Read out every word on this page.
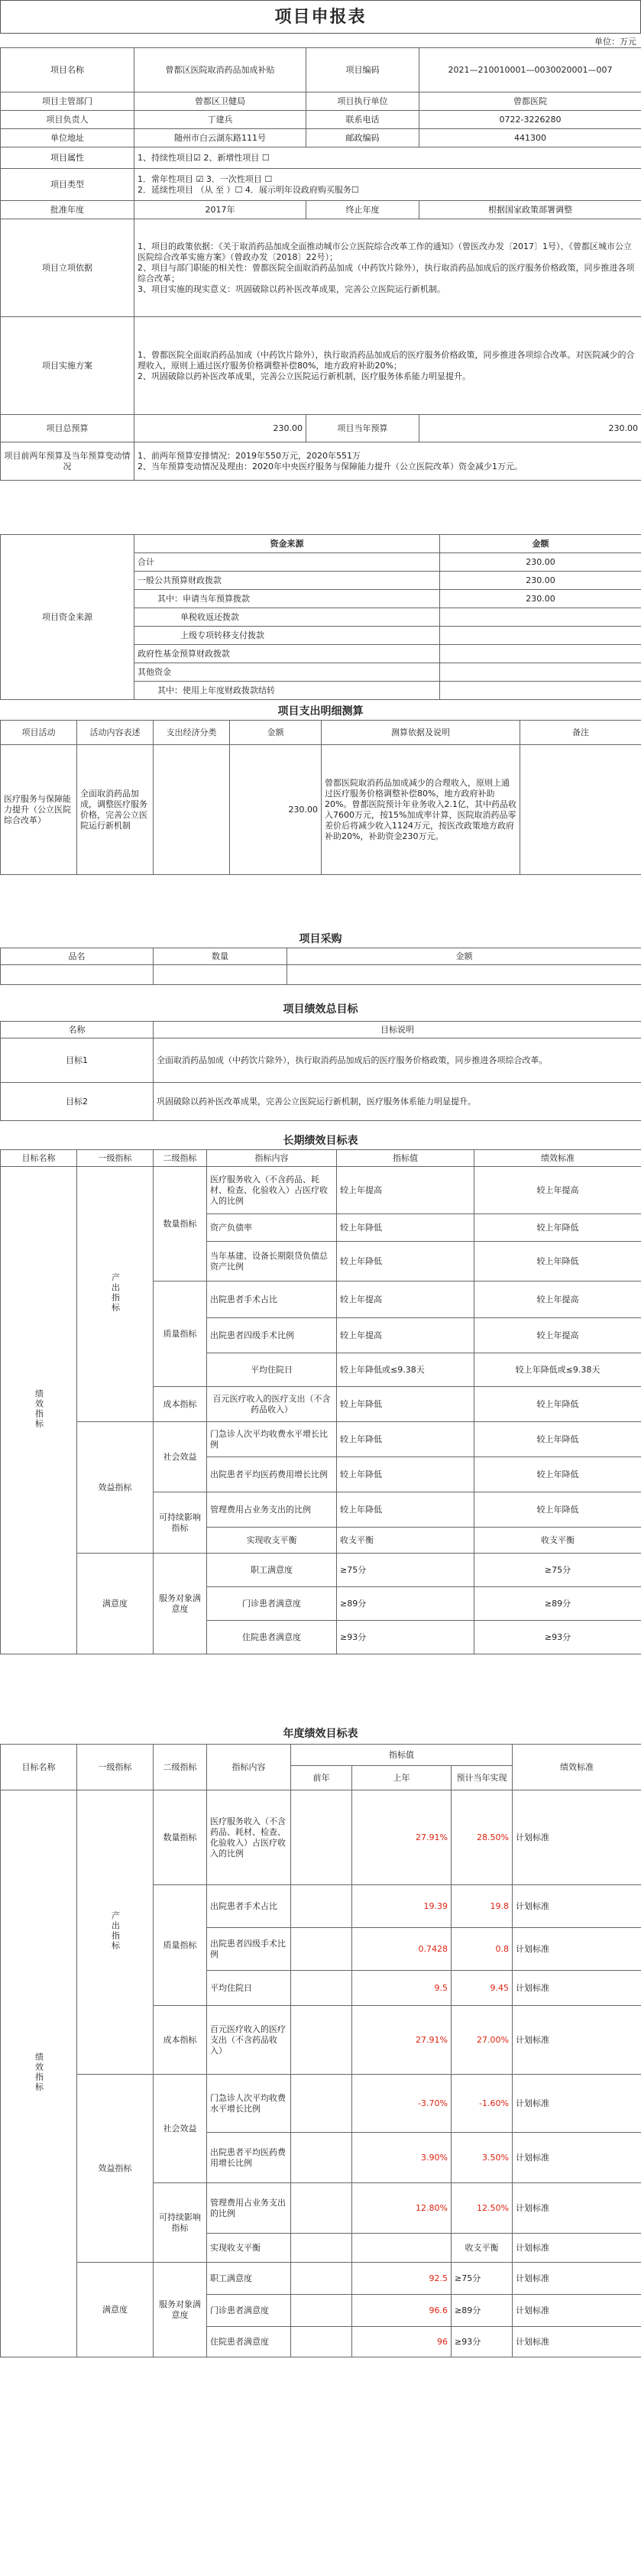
项目申报表
单位：万元
项目名称	曾都区医院取消药品加成补贴	项目编码	2021—210010001—0030020001—007
项目主管部门	曾都区卫健局	项目执行单位	曾都医院
项目负责人	丁建兵	联系电话	0722-3226280
单位地址	随州市白云湖东路111号	邮政编码	441300
项目属性	1、持续性项目☑ 2、新增性项目 ☐		
项目类型	1．常年性项目 ☑ 3．一次性项目 ☐
2．延续性项目 （从 至 ）☐ 4．展示明年设政府购买服务☐		

批准年度	2017年	终止年度	根据国家政策部署调整
项目立项依据	1、项目的政策依据：《关于取消药品加成全面推动城市公立医院综合改革工作的通知》（曾医改办发〔2017〕1号）、《曾都区城市公立医院综合改革实施方案》（曾政办发〔2018〕22号）；
2、项目与部门职能的相关性：曾都医院全面取消药品加成（中药饮片除外），执行取消药品加成后的医疗服务价格政策，同步推进各项综合改革；
3、项目实施的现实意义：巩固破除以药补医改革成果，完善公立医院运行新机制。		
项目实施方案	1、曾都医院全面取消药品加成（中药饮片除外），执行取消药品加成后的医疗服务价格政策，同步推进各项综合改革。对医院减少的合理收入，原则上通过医疗服务价格调整补偿80%，地方政府补助20%；
2、巩固破除以药补医改革成果，完善公立医院运行新机制，医疗服务体系能力明显提升。		
项目总预算	230.00	项目当年预算	230.00
项目前两年预算及当年预算变动情况	1、前两年预算安排情况：2019年550万元，2020年551万
2、当年预算变动情况及理由：2020年中央医疗服务与保障能力提升（公立医院改革）资金减少1万元。		
项目资金来源	资金来源	金额
	合计	230.00
	一般公共预算财政拨款	230.00
	其中：申请当年预算拨款	230.00
	单税收返还拨款	
	上级专项转移支付拨款	
	政府性基金预算财政拨款	
	其他资金	
	其中：使用上年度财政拨款结转	
项目支出明细测算
项目活动	活动内容表述	支出经济分类	金额	测算依据及说明	备注
医疗服务与保障能力提升（公立医院综合改革）	全面取消药品加成，调整医疗服务价格，完善公立医院运行新机制		230.00	曾都医院取消药品加成减少的合理收入，原则上通过医疗服务价格调整补偿80%，地方政府补助20%。曾都医院预计年业务收入2.1亿，其中药品收入7600万元，按15%加成率计算，医院取消药品零差价后将减少收入1124万元，按医改政策地方政府补助20%，补助资金230万元。	
项目采购
品名	数量	金额

项目绩效总目标
名称	目标说明
目标1	全面取消药品加成（中药饮片除外），执行取消药品加成后的医疗服务价格政策，同步推进各项综合改革。
目标2	巩固破除以药补医改革成果，完善公立医院运行新机制，医疗服务体系能力明显提升。
长期绩效目标表
目标名称	一级指标	二级指标	指标内容	指标值	绩效标准
绩效指标	产出指标	数量指标	医疗服务收入（不含药品、耗材、检查、化验收入）占医疗收入的比例	较上年提高	较上年提高
			资产负债率	较上年降低	较上年降低
			当年基建、设备长期限贷负债总资产比例	较上年降低	较上年降低
		质量指标	出院患者手术占比	较上年提高	较上年提高
			出院患者四级手术比例	较上年提高	较上年提高
			平均住院日	较上年降低或≤9.38天	较上年降低或≤9.38天
		成本指标	百元医疗收入的医疗支出（不含药品收入）	较上年降低	较上年降低
	效益指标	社会效益	门急诊人次平均收费水平增长比例	较上年降低	较上年降低
			出院患者平均医药费用增长比例	较上年降低	较上年降低
		可持续影响指标	管理费用占业务支出的比例	较上年降低	较上年降低
			实现收支平衡	收支平衡	收支平衡
	满意度	服务对象满意度	职工满意度	≥75分	≥75分
			门诊患者满意度	≥89分	≥89分
			住院患者满意度	≥93分	≥93分
年度绩效目标表
目标名称	一级指标	二级指标	指标内容	指标值			绩效标准
				前年	上年	预计当年实现	
绩效指标	产出指标	数量指标	医疗服务收入（不含药品、耗材、检查、化验收入）占医疗收入的比例		27.91%	28.50%	计划标准
		质量指标	出院患者手术占比		19.39	19.8	计划标准
			出院患者四级手术比例		0.7428	0.8	计划标准
			平均住院日		9.5	9.45	计划标准
		成本指标	百元医疗收入的医疗支出（不含药品收入）		27.91%	27.00%	计划标准
	效益指标	社会效益	门急诊人次平均收费水平增长比例		-3.70%	-1.60%	计划标准
			出院患者平均医药费用增长比例		3.90%	3.50%	计划标准
		可持续影响指标	管理费用占业务支出的比例		12.80%	12.50%	计划标准
			实现收支平衡			收支平衡	计划标准
	满意度	服务对象满意度	职工满意度		92.5	≥75分	计划标准
			门诊患者满意度		96.6	≥89分	计划标准
			住院患者满意度		96	≥93分	计划标准
